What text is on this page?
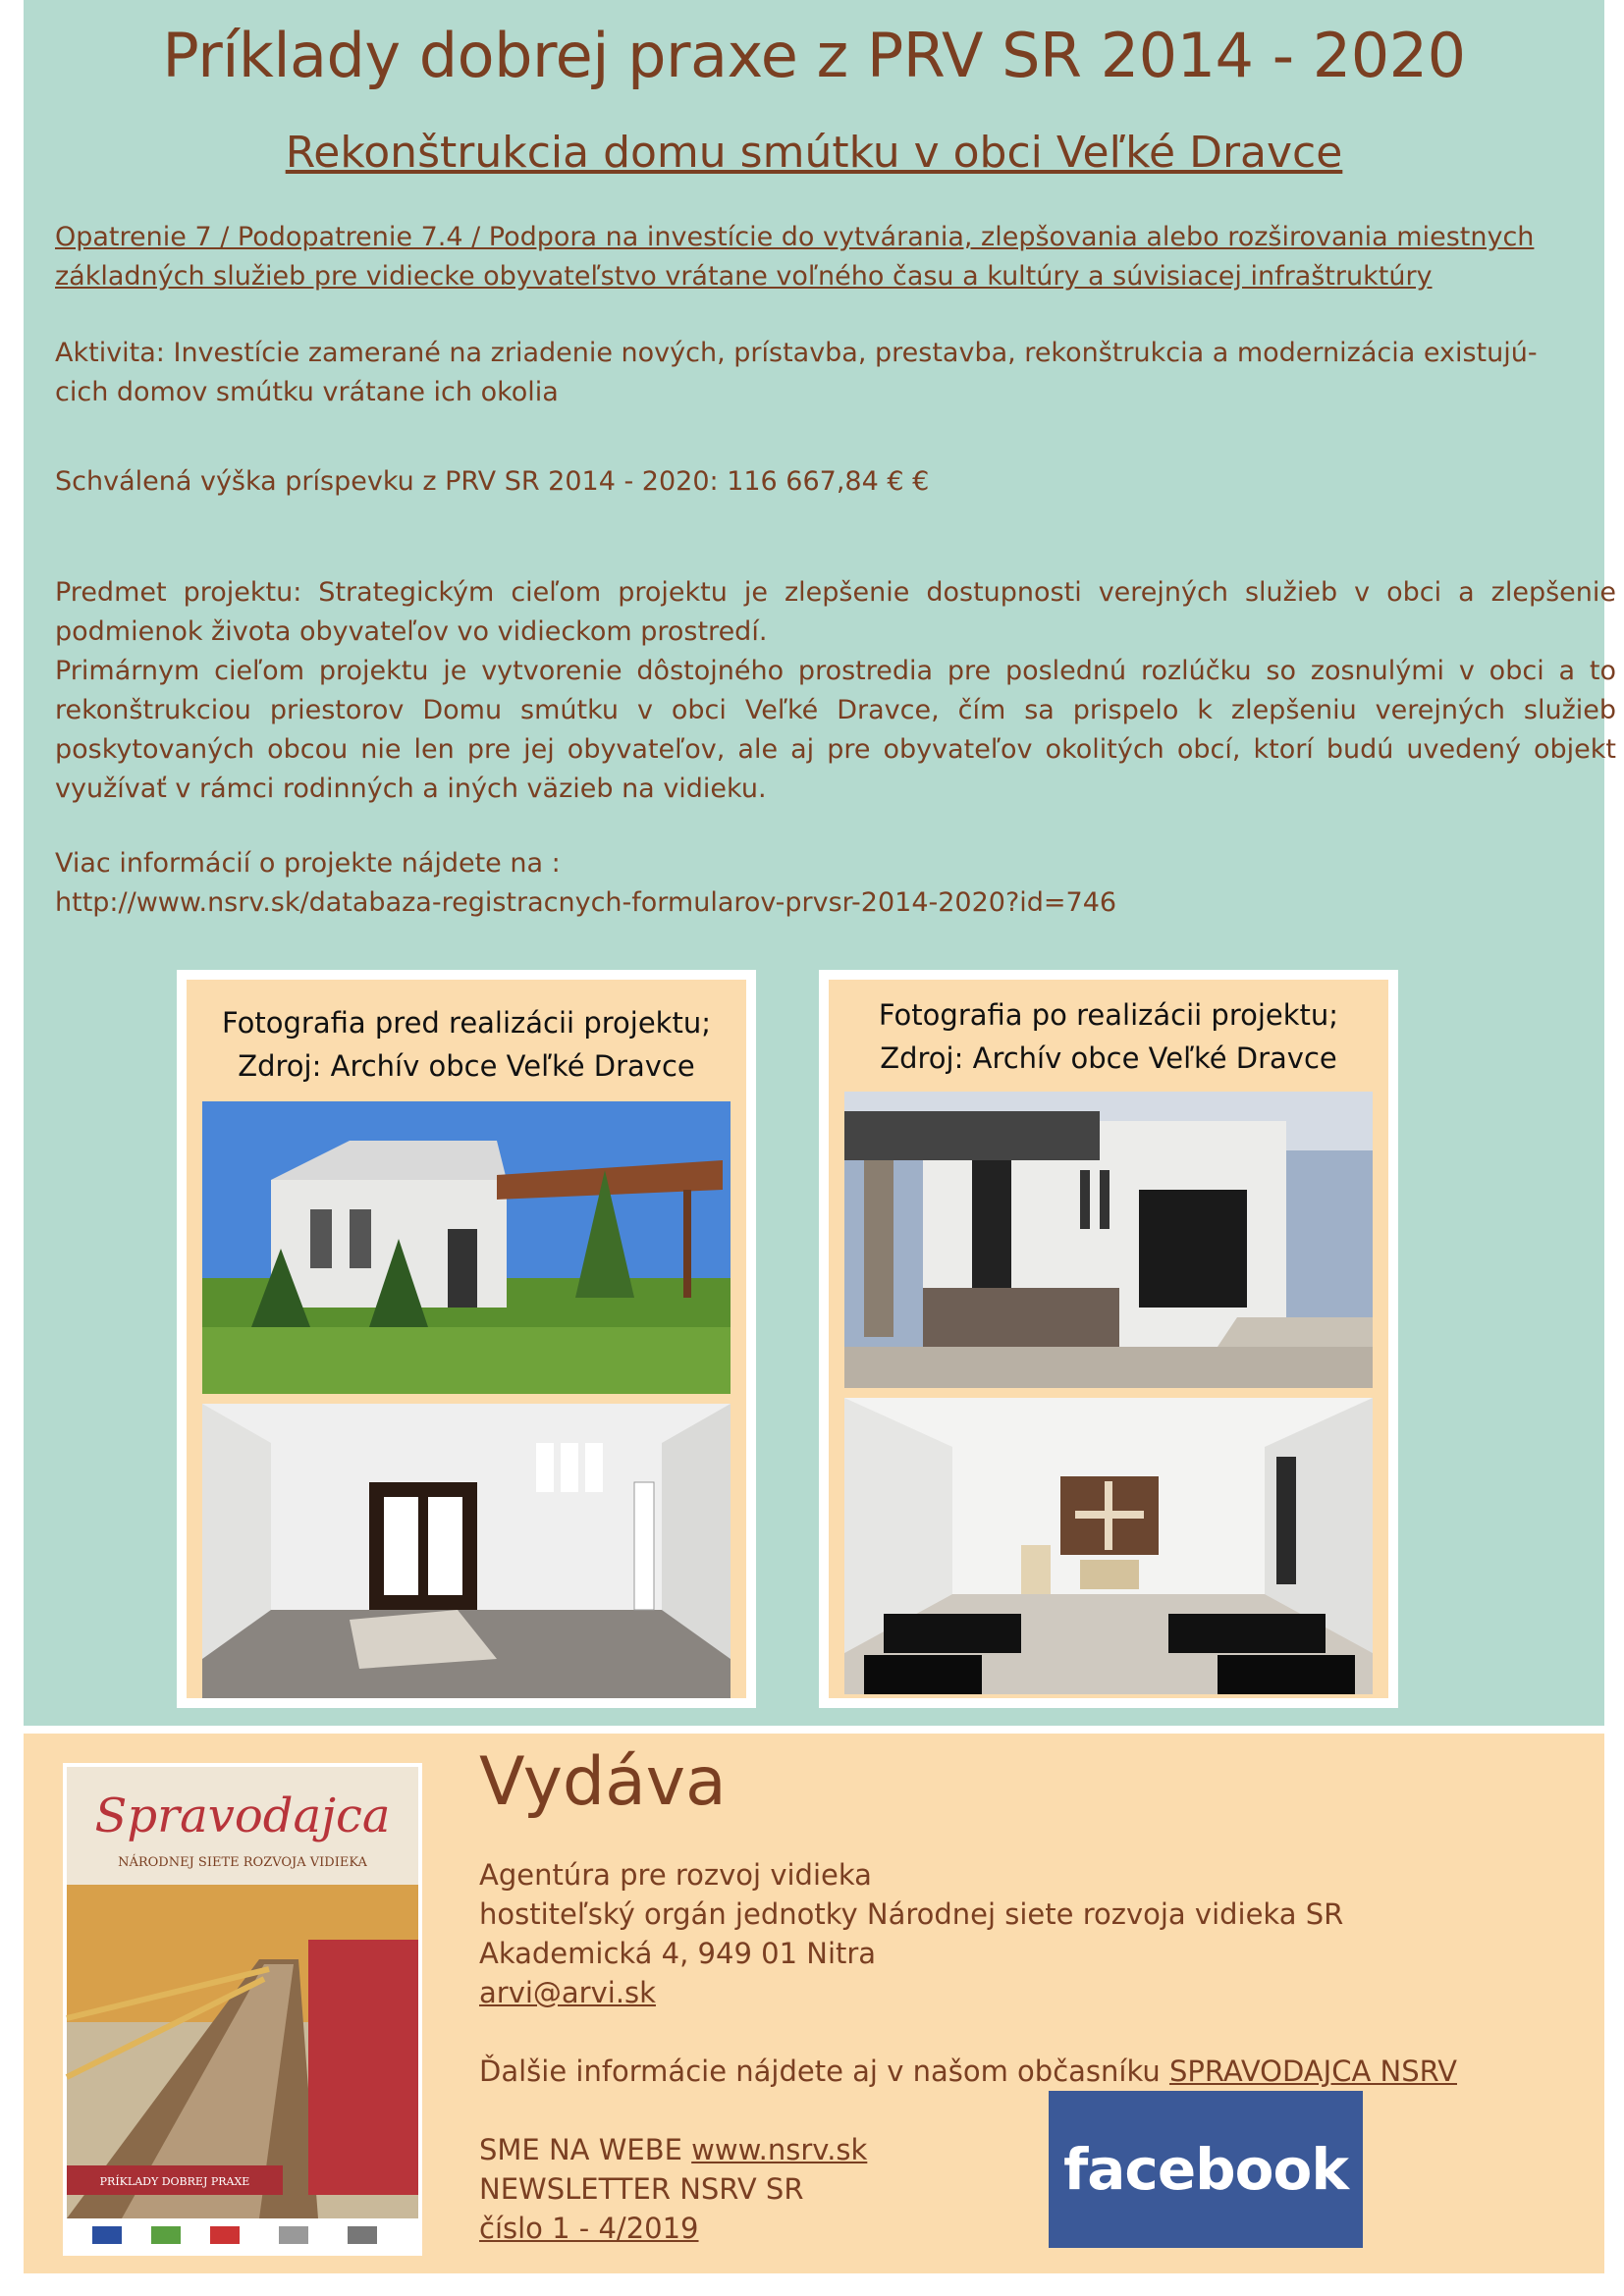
Príklady dobrej praxe z PRV SR 2014 - 2020
Rekonštrukcia domu smútku v obci Veľké Dravce

Opatrenie 7 / Podopatrenie 7.4 / Podpora na investície do vytvárania, zlepšovania alebo rozširovania miestnych
základných služieb pre vidiecke obyvateľstvo vrátane voľného času a kultúry a súvisiacej infraštruktúry

Aktivita: Investície zamerané na zriadenie nových, prístavba, prestavba, rekonštrukcia a modernizácia existujú-
cich domov smútku vrátane ich okolia

Schválená výška príspevku z PRV SR 2014 - 2020: 116 667,84 € €

Predmet projektu: Strategickým cieľom projektu je zlepšenie dostupnosti verejných služieb v obci a zlepšenie podmienok života obyvateľov vo vidieckom prostredí.

Primárnym cieľom projektu je vytvorenie dôstojného prostredia pre poslednú rozlúčku so zosnulými v obci a to rekonštrukciou priestorov Domu smútku v obci Veľké Dravce, čím sa prispelo k zlepšeniu verejných služieb poskytovaných obcou nie len pre jej obyvateľov, ale aj pre obyvateľov okolitých obcí, ktorí budú uvedený objekt využívať v rámci rodinných a iných väzieb na vidieku.

Viac informácií o projekte nájdete na :
http://www.nsrv.sk/databaza-registracnych-formularov-prvsr-2014-2020?id=746

Fotografia pred realizácii projektu;
Zdroj: Archív obce Veľké Dravce

Fotografia po realizácii projektu;
Zdroj: Archív obce Veľké Dravce

Spravodajca
NÁRODNEJ SIETE ROZVOJA VIDIEKA
PRÍKLADY DOBREJ PRAXE
Vydáva

Agentúra pre rozvoj vidieka
hostiteľský orgán jednotky Národnej siete rozvoja vidieka SR
Akademická 4, 949 01 Nitra
arvi@arvi.sk

Ďalšie informácie nájdete aj v našom občasníku SPRAVODAJCA NSRV

SME NA WEBE www.nsrv.sk
NEWSLETTER NSRV SR
číslo 1 - 4/2019

facebook
